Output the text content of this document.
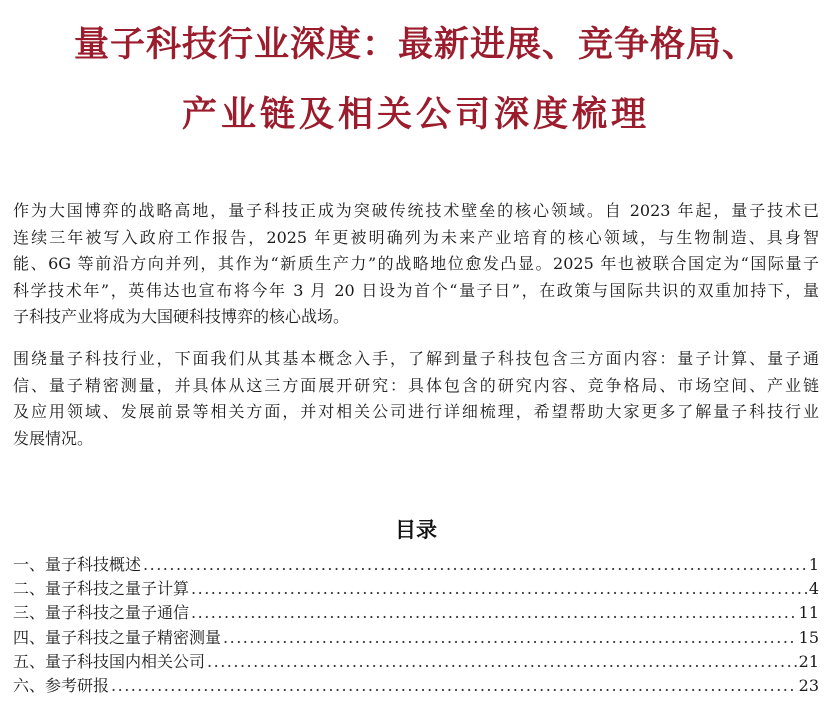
量子科技行业深度：最新进展、竞争格局、
产业链及相关公司深度梳理
作为大国博弈的战略高地，量子科技正成为突破传统技术壁垒的核心领域。自 2023 年起，量子技术已
连续三年被写入政府工作报告，2025 年更被明确列为未来产业培育的核心领域，与生物制造、具身智
能、6G 等前沿方向并列，其作为“新质生产力”的战略地位愈发凸显。2025 年也被联合国定为“国际量子
科学技术年”，英伟达也宣布将今年 3 月 20 日设为首个“量子日”，在政策与国际共识的双重加持下，量
子科技产业将成为大国硬科技博弈的核心战场。
围绕量子科技行业，下面我们从其基本概念入手，了解到量子科技包含三方面内容：量子计算、量子通
信、量子精密测量，并具体从这三方面展开研究：具体包含的研究内容、竞争格局、市场空间、产业链
及应用领域、发展前景等相关方面，并对相关公司进行详细梳理，希望帮助大家更多了解量子科技行业
发展情况。
目录
一、量子科技概述 .....	1
二、量子科技之量子计算 .....	4
三、量子科技之量子通信 .....	11
四、量子科技之量子精密测量 .....	15
五、量子科技国内相关公司 .....	21
六、参考研报 .....	23
